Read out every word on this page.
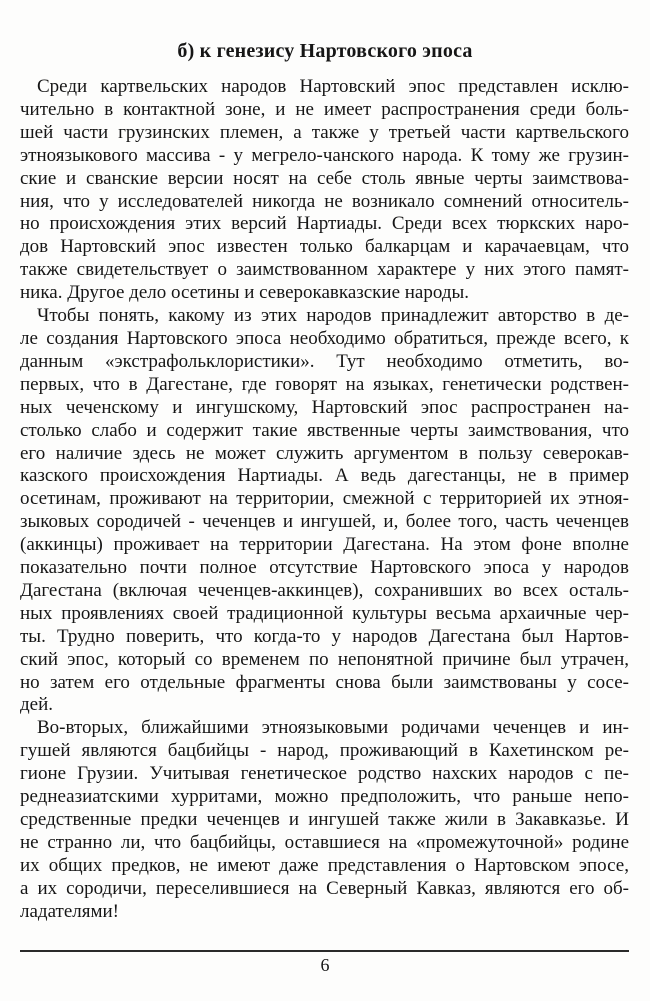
б) к генезису Нартовского эпоса
Среди картвельских народов Нартовский эпос представлен исклю-
чительно в контактной зоне, и не имеет распространения среди боль-
шей части грузинских племен, а также у третьей части картвельского
этноязыкового массива - у мегрело-чанского народа. К тому же грузин-
ские и сванские версии носят на себе столь явные черты заимствова-
ния, что у исследователей никогда не возникало сомнений относитель-
но происхождения этих версий Нартиады. Среди всех тюркских наро-
дов Нартовский эпос известен только балкарцам и карачаевцам, что
также свидетельствует о заимствованном характере у них этого памят-
ника. Другое дело осетины и северокавказские народы.
Чтобы понять, какому из этих народов принадлежит авторство в де-
ле создания Нартовского эпоса необходимо обратиться, прежде всего, к
данным «экстрафольклористики». Тут необходимо отметить, во-
первых, что в Дагестане, где говорят на языках, генетически родствен-
ных чеченскому и ингушскому, Нартовский эпос распространен на-
столько слабо и содержит такие явственные черты заимствования, что
его наличие здесь не может служить аргументом в пользу северокав-
казского происхождения Нартиады. А ведь дагестанцы, не в пример
осетинам, проживают на территории, смежной с территорией их этноя-
зыковых сородичей - чеченцев и ингушей, и, более того, часть чеченцев
(аккинцы) проживает на территории Дагестана. На этом фоне вполне
показательно почти полное отсутствие Нартовского эпоса у народов
Дагестана (включая чеченцев-аккинцев), сохранивших во всех осталь-
ных проявлениях своей традиционной культуры весьма архаичные чер-
ты. Трудно поверить, что когда-то у народов Дагестана был Нартов-
ский эпос, который со временем по непонятной причине был утрачен,
но затем его отдельные фрагменты снова были заимствованы у сосе-
дей.
Во-вторых, ближайшими этноязыковыми родичами чеченцев и ин-
гушей являются бацбийцы - народ, проживающий в Кахетинском ре-
гионе Грузии. Учитывая генетическое родство нахских народов с пе-
реднеазиатскими хурритами, можно предположить, что раньше непо-
средственные предки чеченцев и ингушей также жили в Закавказье. И
не странно ли, что бацбийцы, оставшиеся на «промежуточной» родине
их общих предков, не имеют даже представления о Нартовском эпосе,
а их сородичи, переселившиеся на Северный Кавказ, являются его об-
ладателями!
6
